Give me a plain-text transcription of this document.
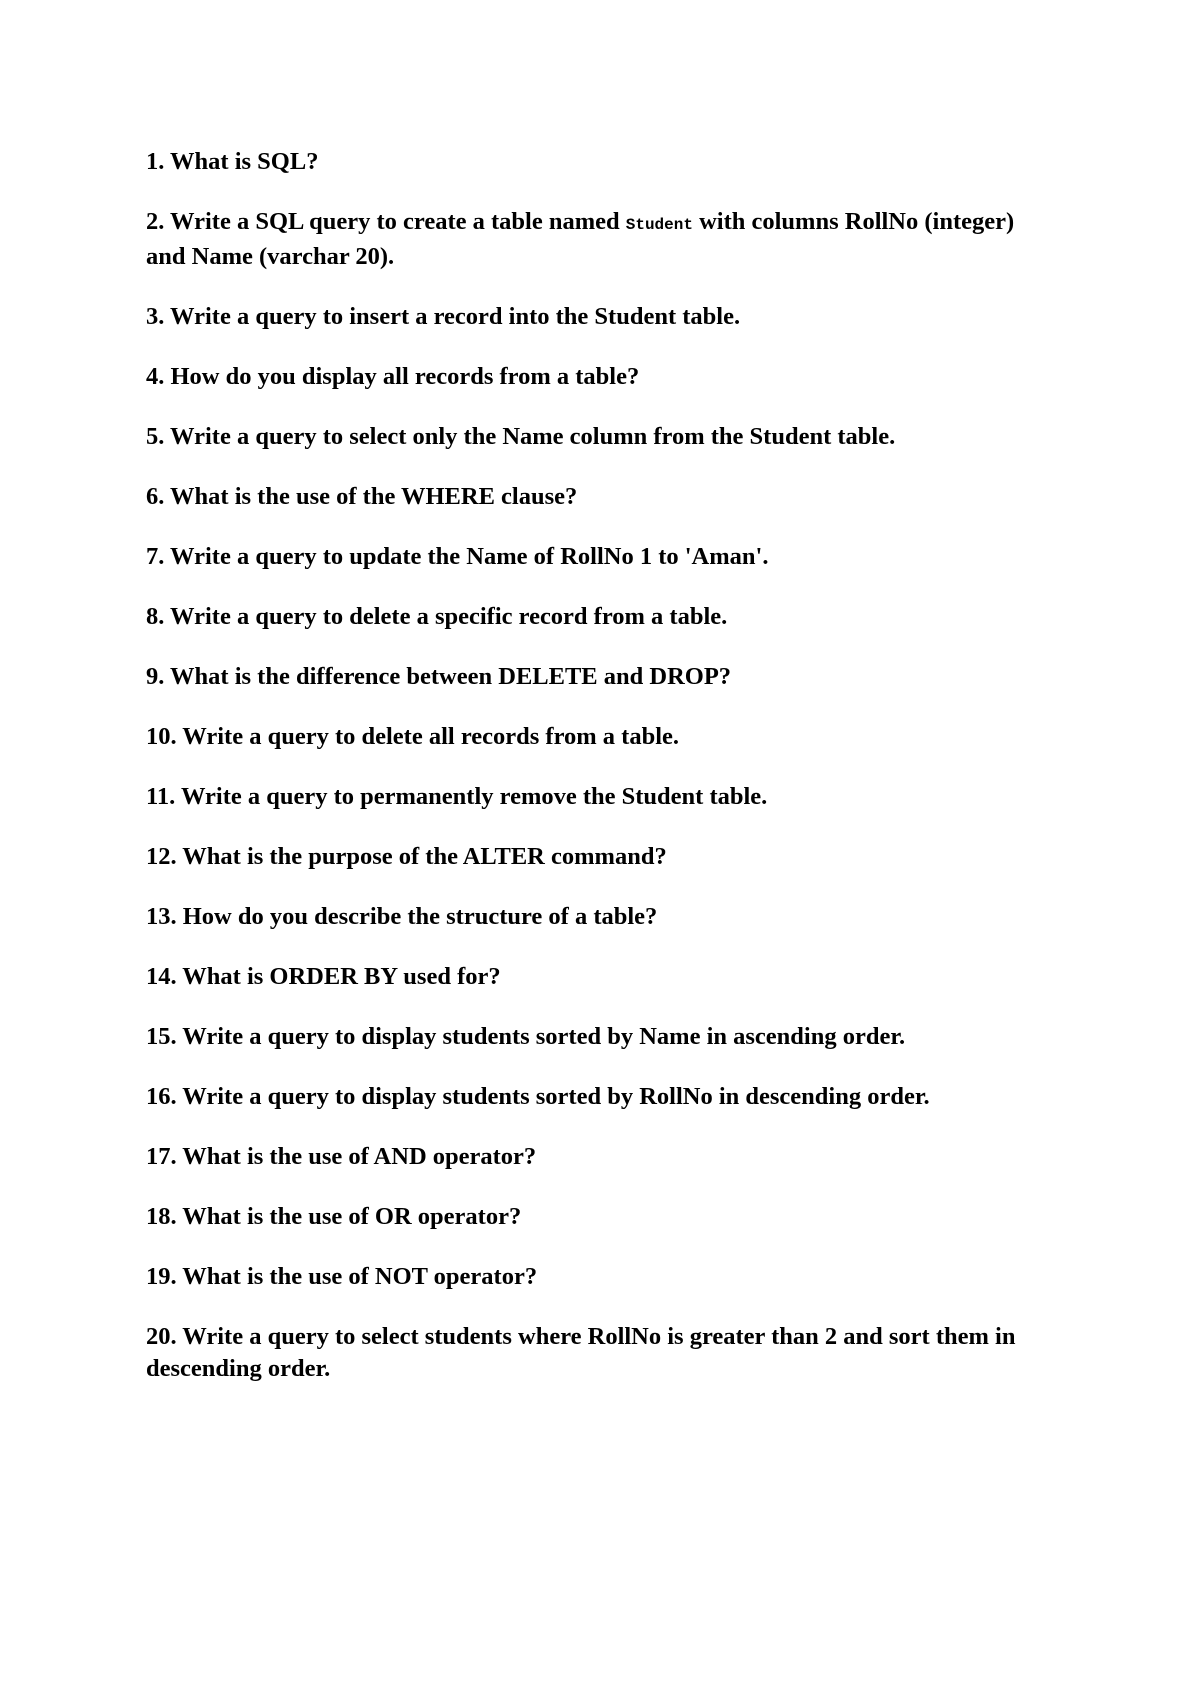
1. What is SQL?
2. Write a SQL query to create a table named Student with columns RollNo (integer) and Name (varchar 20).
3. Write a query to insert a record into the Student table.
4. How do you display all records from a table?
5. Write a query to select only the Name column from the Student table.
6. What is the use of the WHERE clause?
7. Write a query to update the Name of RollNo 1 to 'Aman'.
8. Write a query to delete a specific record from a table.
9. What is the difference between DELETE and DROP?
10. Write a query to delete all records from a table.
11. Write a query to permanently remove the Student table.
12. What is the purpose of the ALTER command?
13. How do you describe the structure of a table?
14. What is ORDER BY used for?
15. Write a query to display students sorted by Name in ascending order.
16. Write a query to display students sorted by RollNo in descending order.
17. What is the use of AND operator?
18. What is the use of OR operator?
19. What is the use of NOT operator?
20. Write a query to select students where RollNo is greater than 2 and sort them in descending order.
